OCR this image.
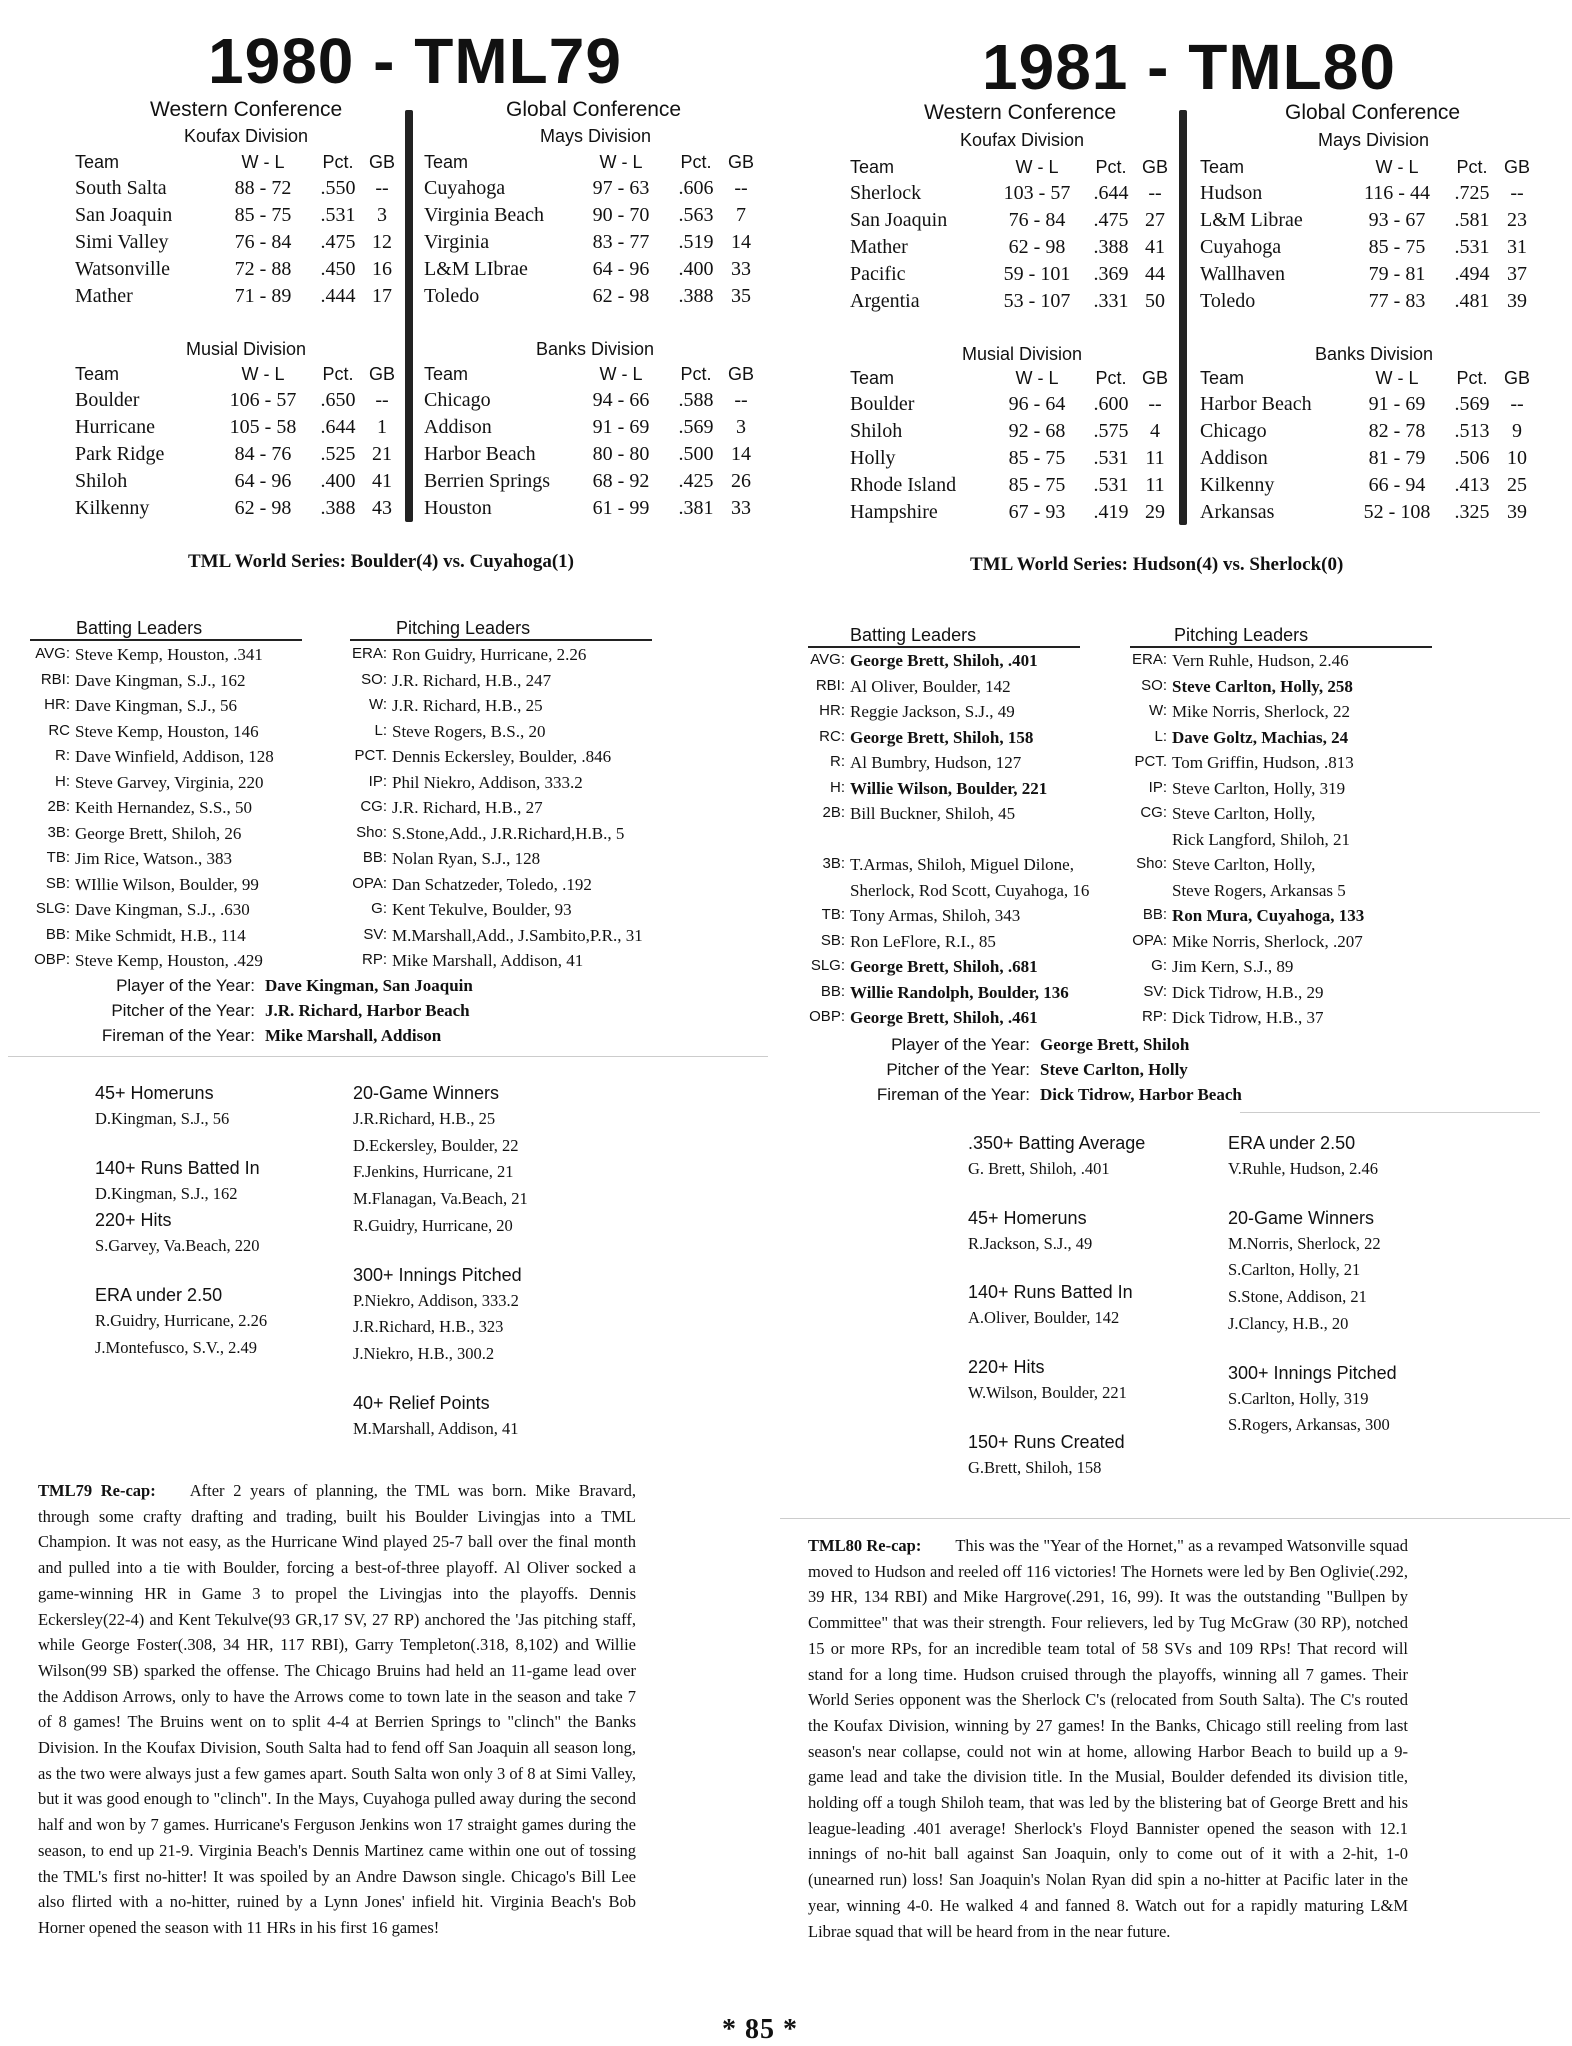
1980 - TML79
Western Conference	Global Conference
Koufax Division	Mays Division
Team	W - L	Pct.	GB
South Salta	88 - 72	.550	--
San Joaquin	85 - 75	.531	3
Simi Valley	76 - 84	.475	12
Watsonville	72 - 88	.450	16
Mather	71 - 89	.444	17
Team	W - L	Pct.	GB
Cuyahoga	97 - 63	.606	--
Virginia Beach	90 - 70	.563	7
Virginia	83 - 77	.519	14
L&M LIbrae	64 - 96	.400	33
Toledo	62 - 98	.388	35
Musial Division	Banks Division
Team	W - L	Pct.	GB
Boulder	106 - 57	.650	--
Hurricane	105 - 58	.644	1
Park Ridge	84 - 76	.525	21
Shiloh	64 - 96	.400	41
Kilkenny	62 - 98	.388	43
Team	W - L	Pct.	GB
Chicago	94 - 66	.588	--
Addison	91 - 69	.569	3
Harbor Beach	80 - 80	.500	14
Berrien Springs	68 - 92	.425	26
Houston	61 - 99	.381	33
TML World Series: Boulder(4) vs. Cuyahoga(1)
Batting Leaders	Pitching Leaders
AVG:	Steve Kemp, Houston, .341
RBI:	Dave Kingman, S.J., 162
HR:	Dave Kingman, S.J., 56
RC	Steve Kemp, Houston, 146
R:	Dave Winfield, Addison, 128
H:	Steve Garvey, Virginia, 220
2B:	Keith Hernandez, S.S., 50
3B:	George Brett, Shiloh, 26
TB:	Jim Rice, Watson., 383
SB:	WIllie Wilson, Boulder, 99
SLG:	Dave Kingman, S.J., .630
BB:	Mike Schmidt, H.B., 114
OBP:	Steve Kemp, Houston, .429
ERA:	Ron Guidry, Hurricane, 2.26
SO:	J.R. Richard, H.B., 247
W:	J.R. Richard, H.B., 25
L:	Steve Rogers, B.S., 20
PCT.	Dennis Eckersley, Boulder, .846
IP:	Phil Niekro, Addison, 333.2
CG:	J.R. Richard, H.B., 27
Sho:	S.Stone,Add., J.R.Richard,H.B., 5
BB:	Nolan Ryan, S.J., 128
OPA:	Dan Schatzeder, Toledo, .192
G:	Kent Tekulve, Boulder, 93
SV:	M.Marshall,Add., J.Sambito,P.R., 31
RP:	Mike Marshall, Addison, 41
Player of the Year:	Dave Kingman, San Joaquin
Pitcher of the Year:	J.R. Richard, Harbor Beach
Fireman of the Year:	Mike Marshall, Addison
45+ Homeruns
D.Kingman, S.J., 56
140+ Runs Batted In
D.Kingman, S.J., 162
220+ Hits
S.Garvey, Va.Beach, 220
ERA under 2.50
R.Guidry, Hurricane, 2.26
J.Montefusco, S.V., 2.49
20-Game Winners
J.R.Richard, H.B., 25
D.Eckersley, Boulder, 22
F.Jenkins, Hurricane, 21
M.Flanagan, Va.Beach, 21
R.Guidry, Hurricane, 20
300+ Innings Pitched
P.Niekro, Addison, 333.2
J.R.Richard, H.B., 323
J.Niekro, H.B., 300.2
40+ Relief Points
M.Marshall, Addison, 41
TML79 Re-cap: After 2 years of planning, the TML was born. Mike Bravard, through some crafty drafting and trading, built his Boulder Livingjas into a TML Champion. It was not easy, as the Hurricane Wind played 25-7 ball over the final month and pulled into a tie with Boulder, forcing a best-of-three playoff. Al Oliver socked a game-winning HR in Game 3 to propel the Livingjas into the playoffs. Dennis Eckersley(22-4) and Kent Tekulve(93 GR,17 SV, 27 RP) anchored the 'Jas pitching staff, while George Foster(.308, 34 HR, 117 RBI), Garry Templeton(.318, 8,102) and Willie Wilson(99 SB) sparked the offense. The Chicago Bruins had held an 11-game lead over the Addison Arrows, only to have the Arrows come to town late in the season and take 7 of 8 games! The Bruins went on to split 4-4 at Berrien Springs to "clinch" the Banks Division. In the Koufax Division, South Salta had to fend off San Joaquin all season long, as the two were always just a few games apart. South Salta won only 3 of 8 at Simi Valley, but it was good enough to "clinch". In the Mays, Cuyahoga pulled away during the second half and won by 7 games. Hurricane's Ferguson Jenkins won 17 straight games during the season, to end up 21-9. Virginia Beach's Dennis Martinez came within one out of tossing the TML's first no-hitter! It was spoiled by an Andre Dawson single. Chicago's Bill Lee also flirted with a no-hitter, ruined by a Lynn Jones' infield hit. Virginia Beach's Bob Horner opened the season with 11 HRs in his first 16 games!
1981 - TML80
Western Conference	Global Conference
Koufax Division	Mays Division
Team	W - L	Pct.	GB
Sherlock	103 - 57	.644	--
San Joaquin	76 - 84	.475	27
Mather	62 - 98	.388	41
Pacific	59 - 101	.369	44
Argentia	53 - 107	.331	50
Team	W - L	Pct.	GB
Hudson	116 - 44	.725	--
L&M Librae	93 - 67	.581	23
Cuyahoga	85 - 75	.531	31
Wallhaven	79 - 81	.494	37
Toledo	77 - 83	.481	39
Musial Division	Banks Division
Team	W - L	Pct.	GB
Boulder	96 - 64	.600	--
Shiloh	92 - 68	.575	4
Holly	85 - 75	.531	11
Rhode Island	85 - 75	.531	11
Hampshire	67 - 93	.419	29
Team	W - L	Pct.	GB
Harbor Beach	91 - 69	.569	--
Chicago	82 - 78	.513	9
Addison	81 - 79	.506	10
Kilkenny	66 - 94	.413	25
Arkansas	52 - 108	.325	39
TML World Series: Hudson(4) vs. Sherlock(0)
Batting Leaders	Pitching Leaders
AVG:	George Brett, Shiloh, .401
RBI:	Al Oliver, Boulder, 142
HR:	Reggie Jackson, S.J., 49
RC:	George Brett, Shiloh, 158
R:	Al Bumbry, Hudson, 127
H:	Willie Wilson, Boulder, 221
2B:	Bill Buckner, Shiloh, 45

3B:	T.Armas, Shiloh, Miguel Dilone,
	Sherlock, Rod Scott, Cuyahoga, 16
TB:	Tony Armas, Shiloh, 343
SB:	Ron LeFlore, R.I., 85
SLG:	George Brett, Shiloh, .681
BB:	Willie Randolph, Boulder, 136
OBP:	George Brett, Shiloh, .461
ERA:	Vern Ruhle, Hudson, 2.46
SO:	Steve Carlton, Holly, 258
W:	Mike Norris, Sherlock, 22
L:	Dave Goltz, Machias, 24
PCT.	Tom Griffin, Hudson, .813
IP:	Steve Carlton, Holly, 319
CG:	Steve Carlton, Holly,
	Rick Langford, Shiloh, 21
Sho:	Steve Carlton, Holly,
	Steve Rogers, Arkansas 5
BB:	Ron Mura, Cuyahoga, 133
OPA:	Mike Norris, Sherlock, .207
G:	Jim Kern, S.J., 89
SV:	Dick Tidrow, H.B., 29
RP:	Dick Tidrow, H.B., 37
Player of the Year:	George Brett, Shiloh
Pitcher of the Year:	Steve Carlton, Holly
Fireman of the Year:	Dick Tidrow, Harbor Beach
.350+ Batting Average
G. Brett, Shiloh, .401
45+ Homeruns
R.Jackson, S.J., 49
140+ Runs Batted In
A.Oliver, Boulder, 142
220+ Hits
W.Wilson, Boulder, 221
150+ Runs Created
G.Brett, Shiloh, 158
ERA under 2.50
V.Ruhle, Hudson, 2.46
20-Game Winners
M.Norris, Sherlock, 22
S.Carlton, Holly, 21
S.Stone, Addison, 21
J.Clancy, H.B., 20
300+ Innings Pitched
S.Carlton, Holly, 319
S.Rogers, Arkansas, 300
TML80 Re-cap: This was the "Year of the Hornet," as a revamped Watsonville squad moved to Hudson and reeled off 116 victories! The Hornets were led by Ben Oglivie(.292, 39 HR, 134 RBI) and Mike Hargrove(.291, 16, 99). It was the outstanding "Bullpen by Committee" that was their strength. Four relievers, led by Tug McGraw (30 RP), notched 15 or more RPs, for an incredible team total of 58 SVs and 109 RPs! That record will stand for a long time. Hudson cruised through the playoffs, winning all 7 games. Their World Series opponent was the Sherlock C's (relocated from South Salta). The C's routed the Koufax Division, winning by 27 games! In the Banks, Chicago still reeling from last season's near collapse, could not win at home, allowing Harbor Beach to build up a 9-game lead and take the division title. In the Musial, Boulder defended its division title, holding off a tough Shiloh team, that was led by the blistering bat of George Brett and his league-leading .401 average! Sherlock's Floyd Bannister opened the season with 12.1 innings of no-hit ball against San Joaquin, only to come out of it with a 2-hit, 1-0 (unearned run) loss! San Joaquin's Nolan Ryan did spin a no-hitter at Pacific later in the year, winning 4-0. He walked 4 and fanned 8. Watch out for a rapidly maturing L&M Librae squad that will be heard from in the near future.
* 85 *
